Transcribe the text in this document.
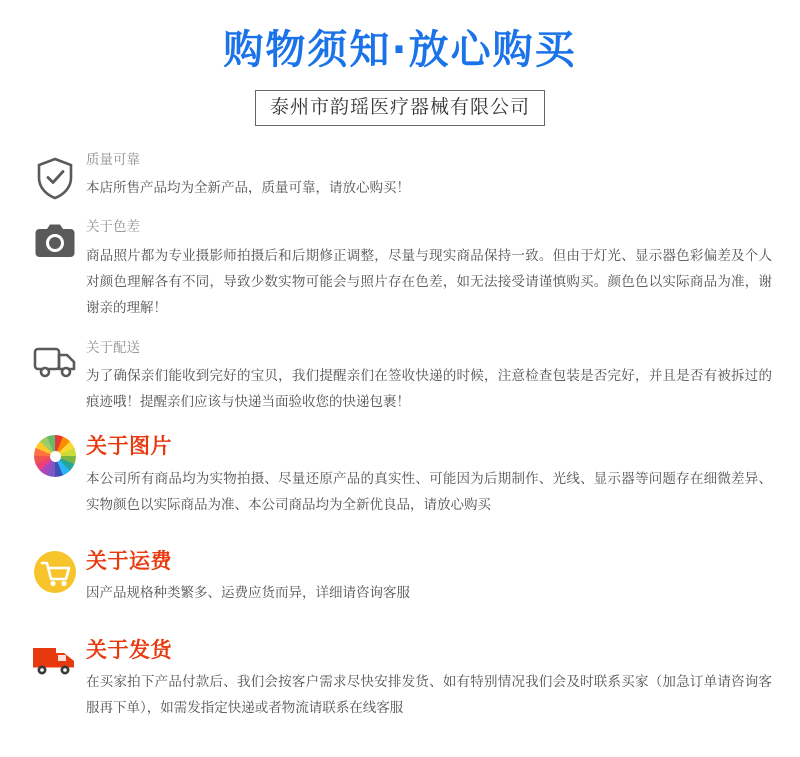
购物须知·放心购买
泰州市韵瑶医疗器械有限公司
质量可靠
本店所售产品均为全新产品，质量可靠，请放心购买！
关于色差
商品照片都为专业摄影师拍摄后和后期修正调整，尽量与现实商品保持一致。但由于灯光、显示器色彩偏差及个人对颜色理解各有不同，导致少数实物可能会与照片存在色差，如无法接受请谨慎购买。颜色色以实际商品为准，谢谢亲的理解！
关于配送
为了确保亲们能收到完好的宝贝，我们提醒亲们在签收快递的时候，注意检查包装是否完好，并且是否有被拆过的痕迹哦！提醒亲们应该与快递当面验收您的快递包裹！
关于图片
本公司所有商品均为实物拍摄、尽量还原产品的真实性、可能因为后期制作、光线、显示器等问题存在细微差异、实物颜色以实际商品为准、本公司商品均为全新优良品，请放心购买
关于运费
因产品规格种类繁多、运费应货而异，详细请咨询客服
关于发货
在买家拍下产品付款后、我们会按客户需求尽快安排发货、如有特别情况我们会及时联系买家（加急订单请咨询客服再下单），如需发指定快递或者物流请联系在线客服
